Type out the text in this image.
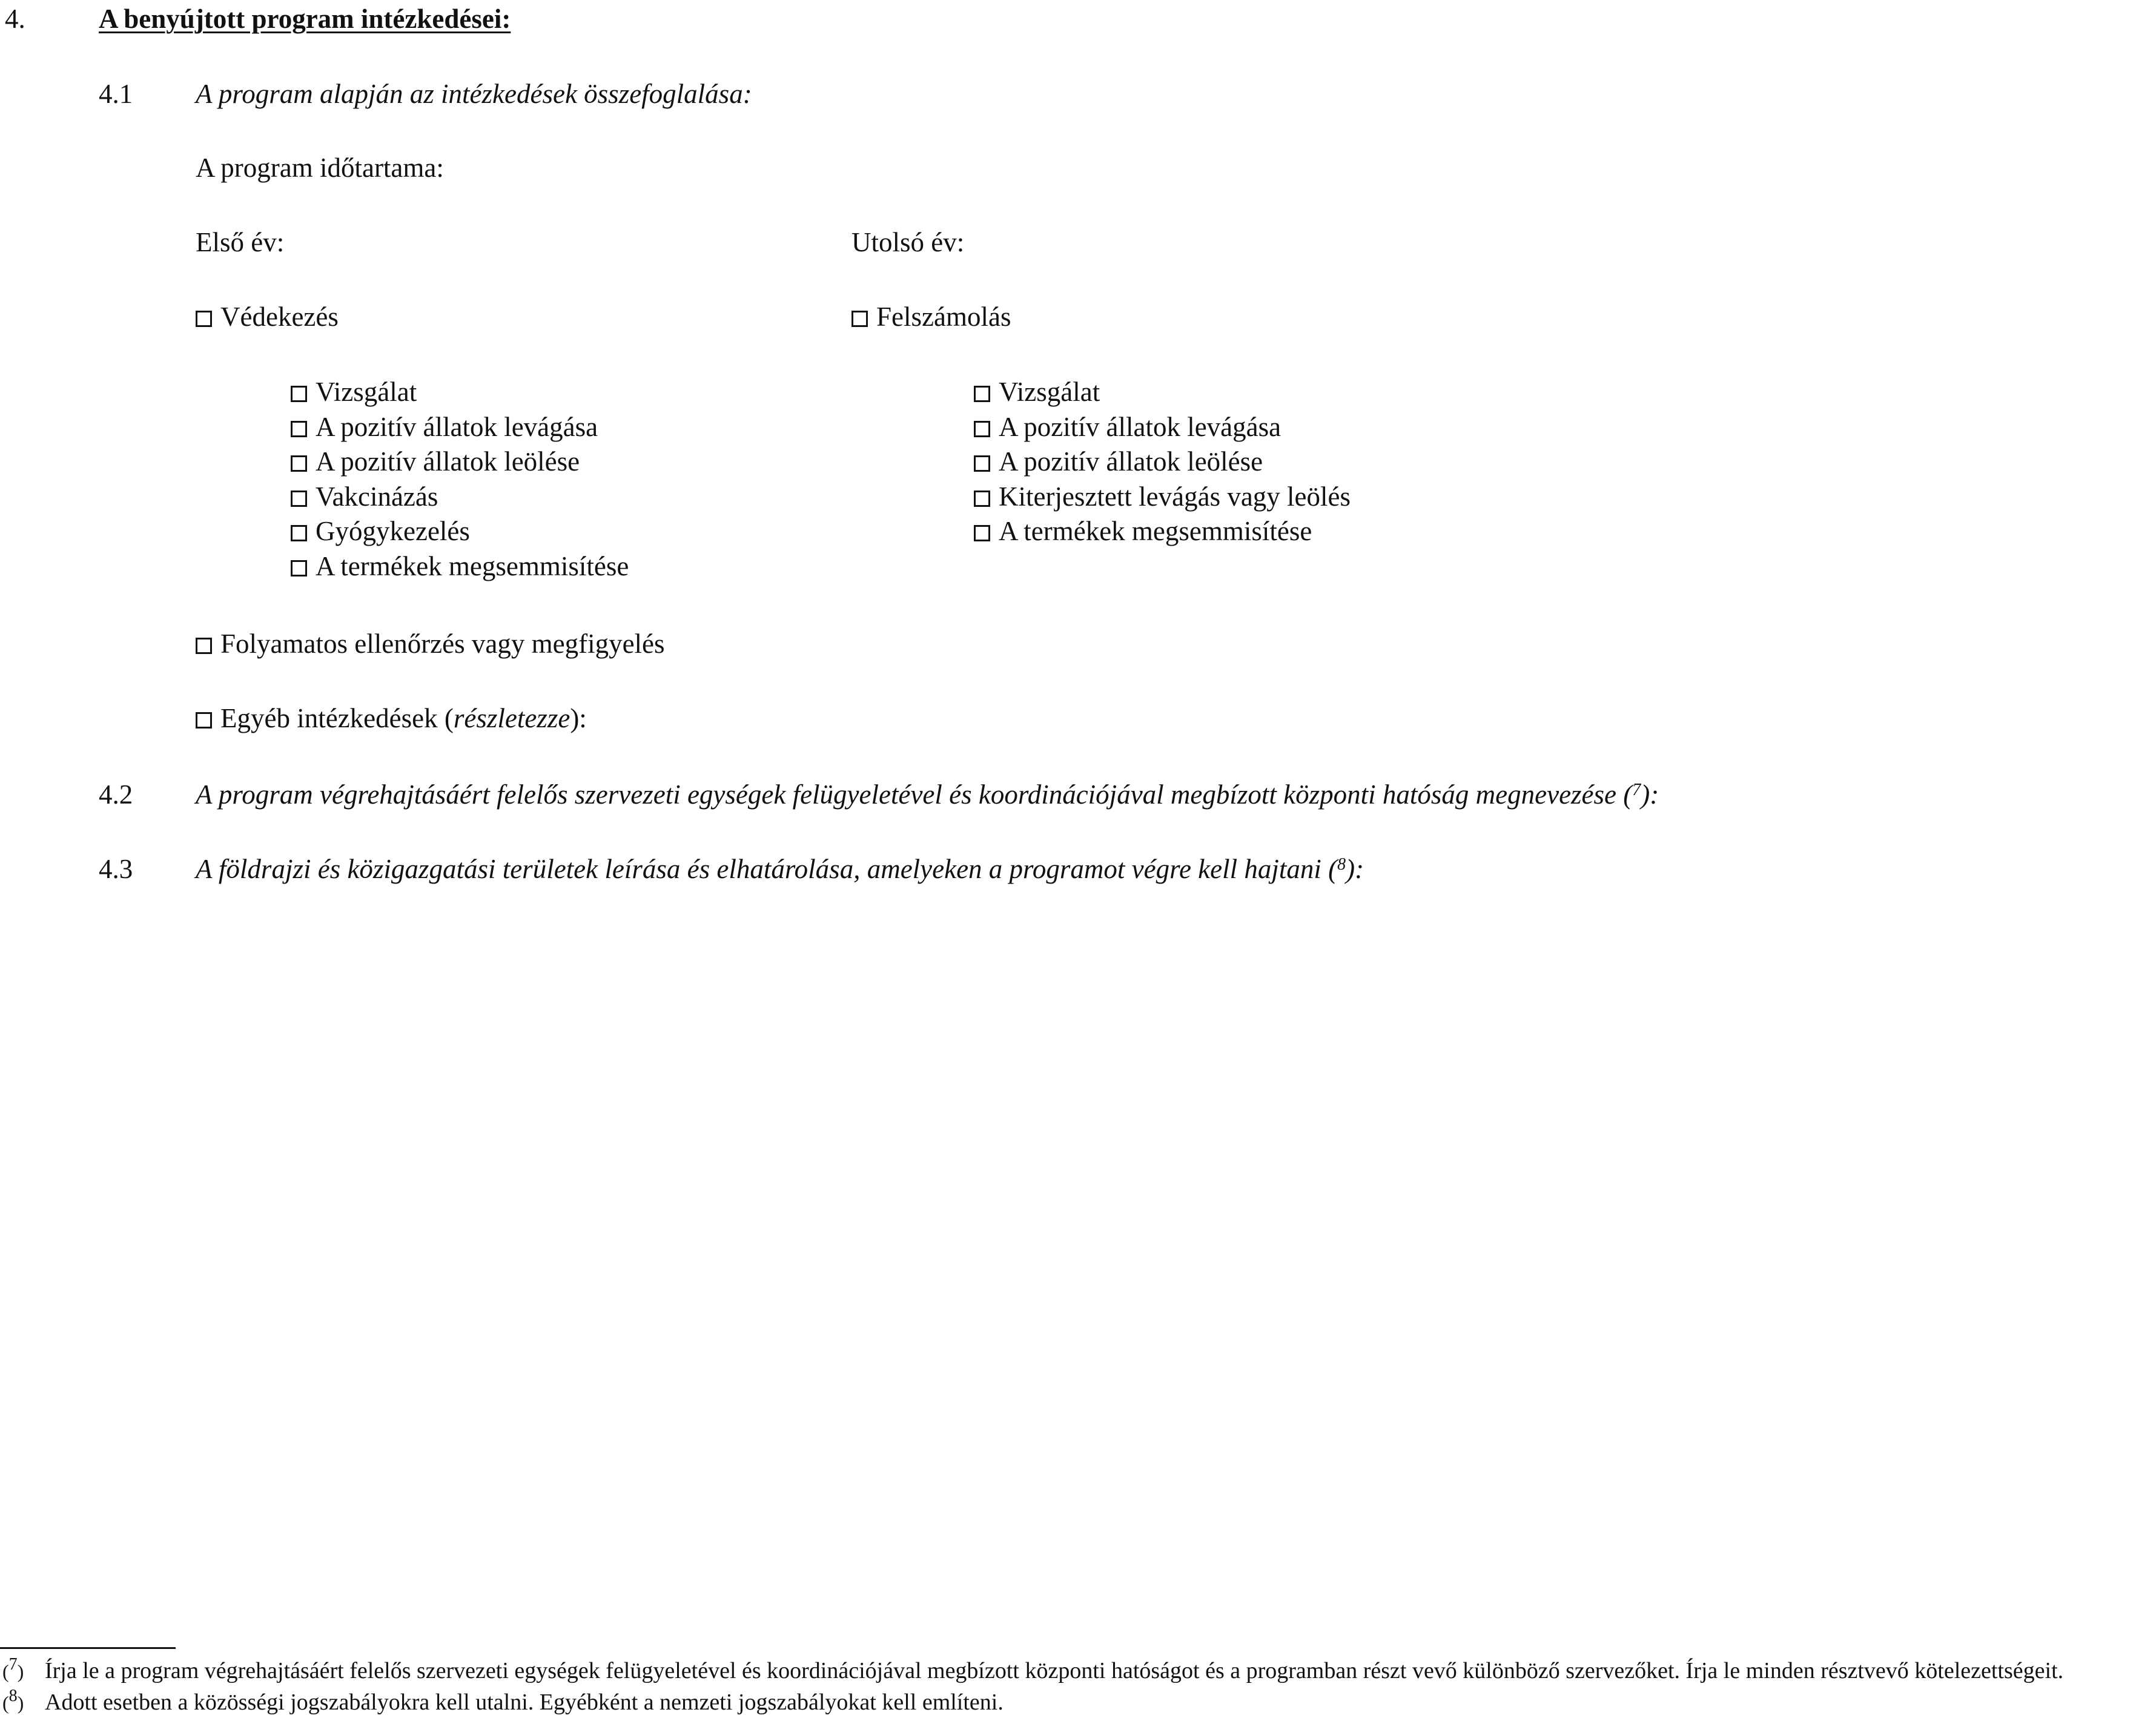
4.	A benyújtott program intézkedései:
4.1 A program alapján az intézkedések összefoglalása:
A program időtartama:
Első év:	Utolsó év:
Védekezés	Felszámolás
Vizsgálat
A pozitív állatok levágása
A pozitív állatok leölése
Vakcinázás
Gyógykezelés
A termékek megsemmisítése
Vizsgálat
A pozitív állatok levágása
A pozitív állatok leölése
Kiterjesztett levágás vagy leölés
A termékek megsemmisítése
Folyamatos ellenőrzés vagy megfigyelés
Egyéb intézkedések (részletezze):
4.2 A program végrehajtásáért felelős szervezeti egységek felügyeletével és koordinációjával megbízott központi hatóság megnevezése ($^7$):
4.3 A földrajzi és közigazgatási területek leírása és elhatárolása, amelyeken a programot végre kell hajtani ($^8$):
($^7$) Írja le a program végrehajtásáért felelős szervezeti egységek felügyeletével és koordinációjával megbízott központi hatóságot és a programban részt vevő különböző szervezőket. Írja le minden résztvevő kötelezettségeit.
($^8$) Adott esetben a közösségi jogszabályokra kell utalni. Egyébként a nemzeti jogszabályokat kell említeni.
